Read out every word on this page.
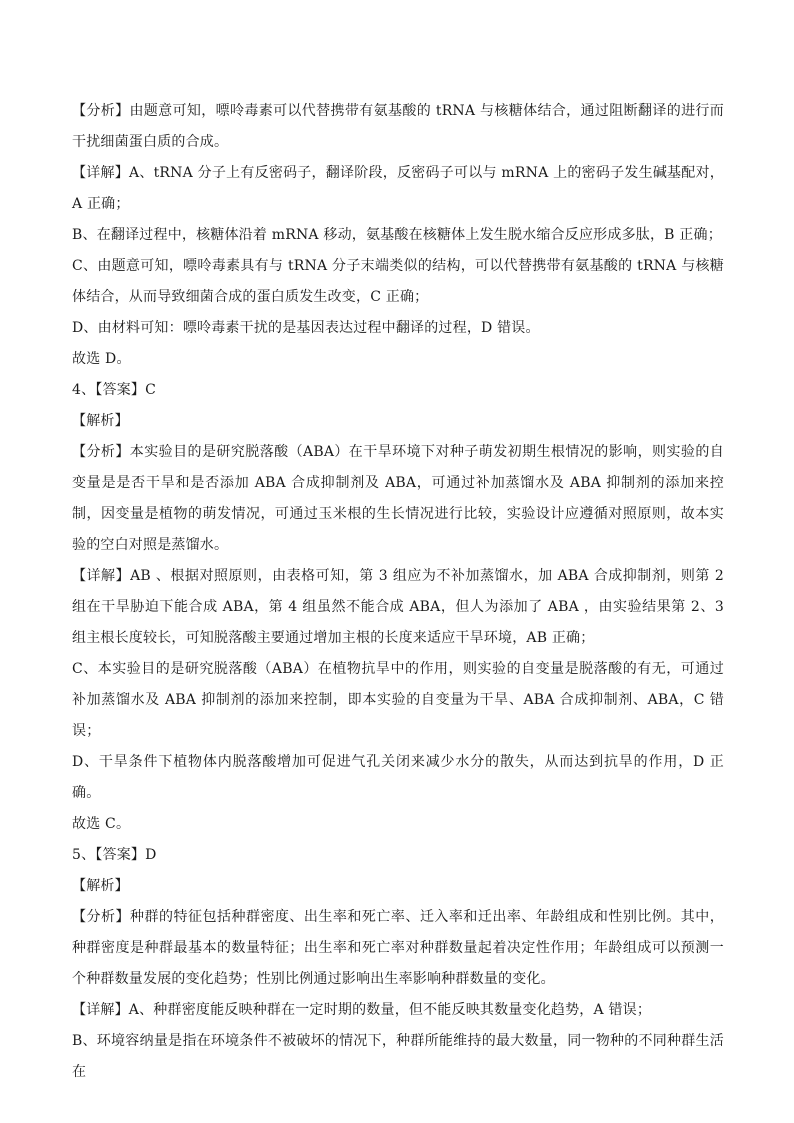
【分析】由题意可知，嘌呤毒素可以代替携带有氨基酸的 tRNA 与核糖体结合，通过阻断翻译的进行而干扰细菌蛋白质的合成。

【详解】A、tRNA 分子上有反密码子，翻译阶段，反密码子可以与 mRNA 上的密码子发生碱基配对，A 正确；

B、在翻译过程中，核糖体沿着 mRNA 移动，氨基酸在核糖体上发生脱水缩合反应形成多肽，B 正确；

C、由题意可知，嘌呤毒素具有与 tRNA 分子末端类似的结构，可以代替携带有氨基酸的 tRNA 与核糖体结合，从而导致细菌合成的蛋白质发生改变，C 正确；

D、由材料可知：嘌呤毒素干扰的是基因表达过程中翻译的过程，D 错误。

故选 D。

4、【答案】C

【解析】

【分析】本实验目的是研究脱落酸（ABA）在干旱环境下对种子萌发初期生根情况的影响，则实验的自变量是是否干旱和是否添加 ABA 合成抑制剂及 ABA，可通过补加蒸馏水及 ABA 抑制剂的添加来控制，因变量是植物的萌发情况，可通过玉米根的生长情况进行比较，实验设计应遵循对照原则，故本实验的空白对照是蒸馏水。

【详解】AB 、根据对照原则，由表格可知，第 3 组应为不补加蒸馏水，加 ABA 合成抑制剂，则第 2 组在干旱胁迫下能合成 ABA，第 4 组虽然不能合成 ABA，但人为添加了 ABA ，由实验结果第 2、3 组主根长度较长，可知脱落酸主要通过增加主根的长度来适应干旱环境，AB 正确；

C、本实验目的是研究脱落酸（ABA）在植物抗旱中的作用，则实验的自变量是脱落酸的有无，可通过补加蒸馏水及 ABA 抑制剂的添加来控制，即本实验的自变量为干旱、ABA 合成抑制剂、ABA，C 错误；

D、干旱条件下植物体内脱落酸增加可促进气孔关闭来减少水分的散失，从而达到抗旱的作用，D 正确。

故选 C。

5、【答案】D

【解析】

【分析】种群的特征包括种群密度、出生率和死亡率、迁入率和迁出率、年龄组成和性别比例。其中，种群密度是种群最基本的数量特征；出生率和死亡率对种群数量起着决定性作用；年龄组成可以预测一个种群数量发展的变化趋势；性别比例通过影响出生率影响种群数量的变化。

【详解】A、种群密度能反映种群在一定时期的数量，但不能反映其数量变化趋势，A 错误；

B、环境容纳量是指在环境条件不被破坏的情况下，种群所能维持的最大数量，同一物种的不同种群生活在
